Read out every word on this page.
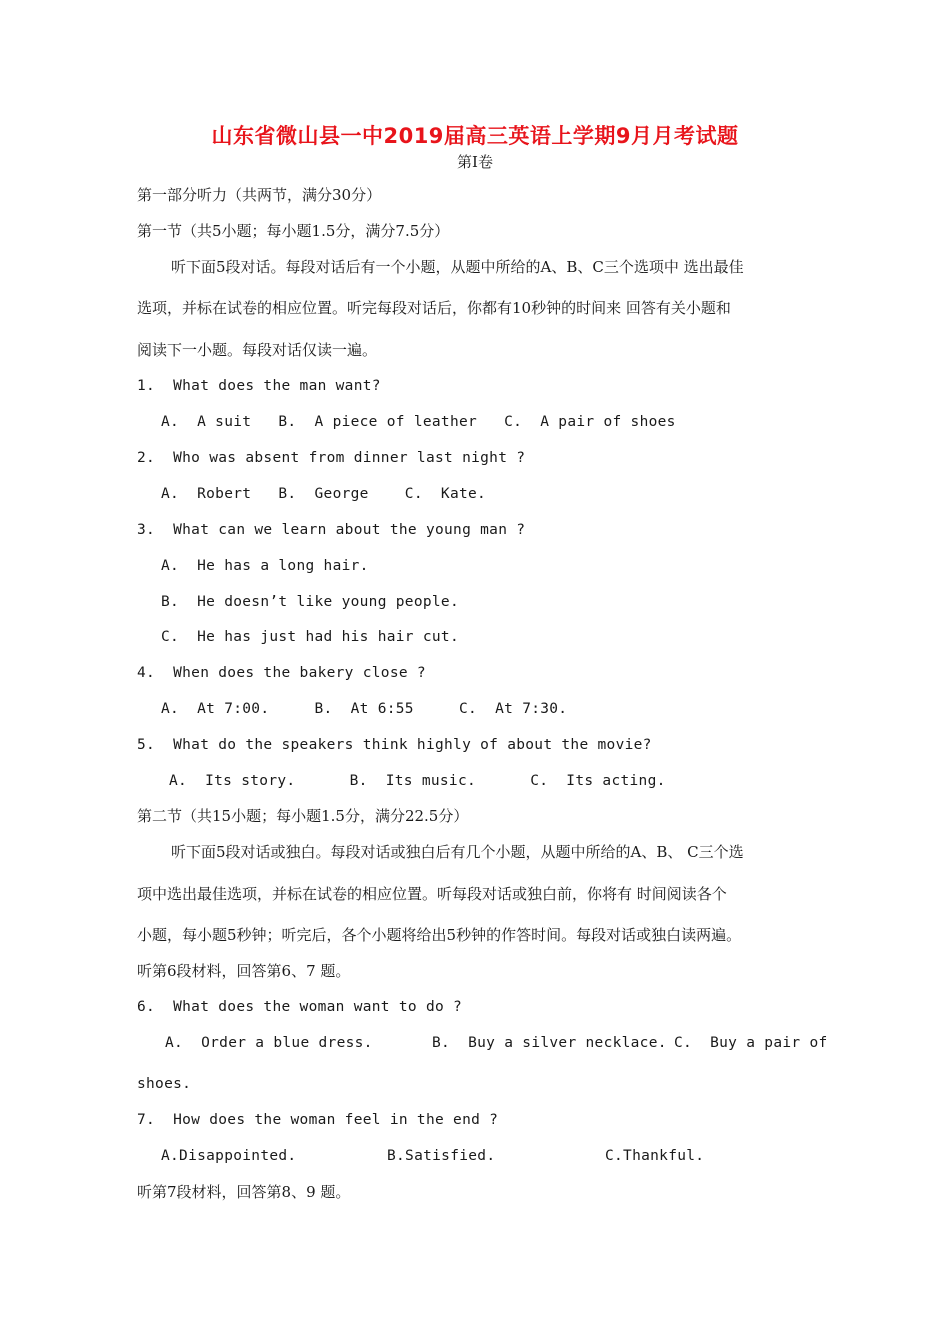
山东省微山县一中2019届高三英语上学期9月月考试题
第Ⅰ卷
第一部分听力（共两节，满分30分）
第一节（共5小题；每小题1.5分，满分7.5分）
听下面5段对话。每段对话后有一个小题，从题中所给的A、B、C三个选项中 选出最佳
选项，并标在试卷的相应位置。听完每段对话后，你都有10秒钟的时间来 回答有关小题和
阅读下一小题。每段对话仅读一遍。
1.  What does the man want?
A.  A suit   B.  A piece of leather   C.  A pair of shoes
2.  Who was absent from dinner last night ?
A.  Robert   B.  George    C.  Kate.
3.  What can we learn about the young man ?
A.  He has a long hair.
B.  He doesn’t like young people.
C.  He has just had his hair cut.
4.  When does the bakery close ?
A.  At 7:00.     B.  At 6:55     C.  At 7:30.
5.  What do the speakers think highly of about the movie?
A.  Its story.      B.  Its music.      C.  Its acting.
第二节（共15小题；每小题1.5分，满分22.5分）
听下面5段对话或独白。每段对话或独白后有几个小题，从题中所给的A、B、 C三个选
项中选出最佳选项，并标在试卷的相应位置。听每段对话或独白前，你将有 时间阅读各个
小题，每小题5秒钟；听完后，各个小题将给出5秒钟的作答时间。每段对话或独白读两遍。
听第6段材料，回答第6、7 题。
6.  What does the woman want to do ?
A.  Order a blue dress.	B.  Buy a silver necklace. C.  Buy a pair of
shoes.
7.  How does the woman feel in the end ?
A.Disappointed.	B.Satisfied.	C.Thankful.
听第7段材料，回答第8、9 题。
